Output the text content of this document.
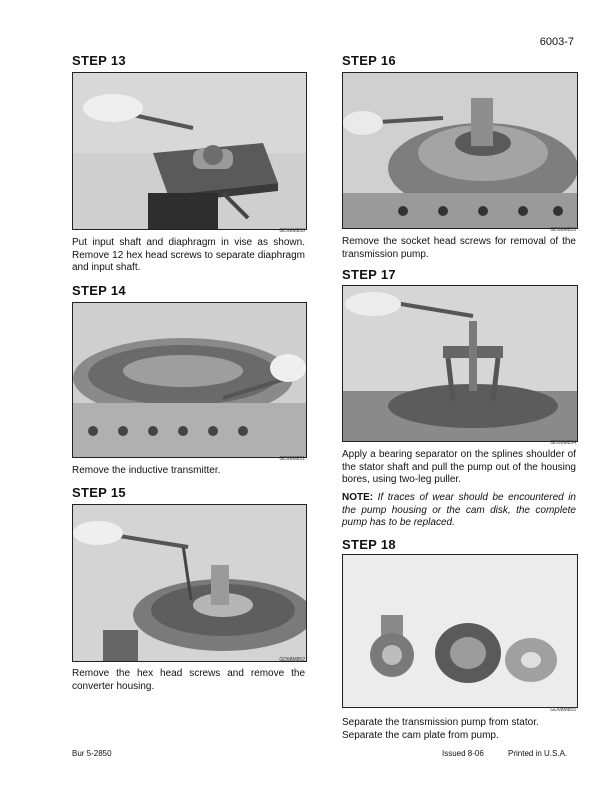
6003-7
STEP 13
GD98M850
Put input shaft and diaphragm in vise as shown. Remove 12 hex head screws to separate diaphragm and input shaft.
STEP 14
GD98M851
Remove the inductive transmitter.
STEP 15
GD98M852
Remove the hex head screws and remove the converter housing.
STEP 16
GD98M853
Remove the socket head screws for removal of the transmission pump.
STEP 17
GD98M854
Apply a bearing separator on the splines shoulder of the stator shaft and pull the pump out of the housing bores, using two-leg puller.
NOTE: If traces of wear should be encountered in the pump housing or the cam disk, the complete pump has to be replaced.
STEP 18
GD98M855
Separate the transmission pump from stator.
Separate the cam plate from pump.
Bur 5-2850	Issued 8-06	Printed in U.S.A.
